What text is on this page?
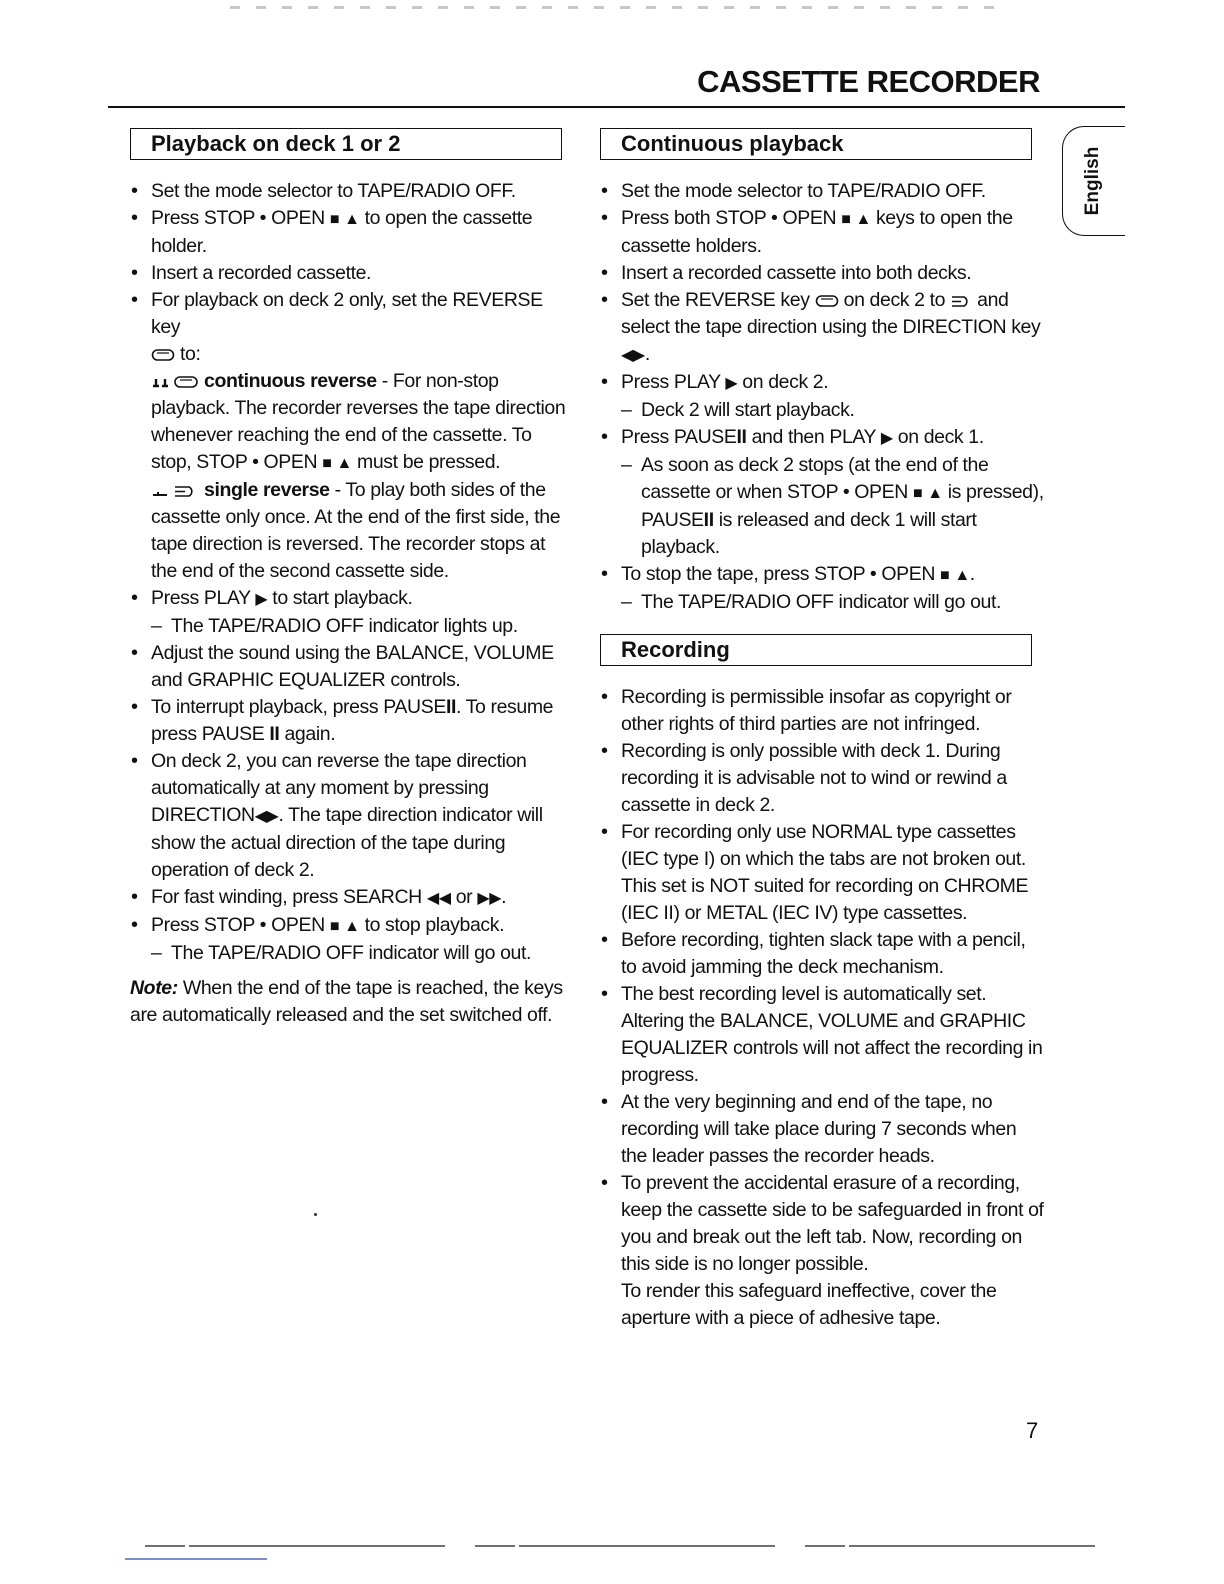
CASSETTE RECORDER
English
Playback on deck 1 or 2
• Set the mode selector to TAPE/RADIO OFF.
• Press STOP • OPEN ■ ▲ to open the cassette holder.
• Insert a recorded cassette.
• For playback on deck 2 only, set the REVERSE key
to:
continuous reverse - For non-stop playback. The recorder reverses the tape direction whenever reaching the end of the cassette. To stop, STOP • OPEN ■ ▲ must be pressed.
single reverse - To play both sides of the cassette only once. At the end of the first side, the tape direction is reversed. The recorder stops at the end of the second cassette side.
• Press PLAY ▶ to start playback.
– The TAPE/RADIO OFF indicator lights up.
• Adjust the sound using the BALANCE, VOLUME and GRAPHIC EQUALIZER controls.
• To interrupt playback, press PAUSEII. To resume press PAUSE II again.
• On deck 2, you can reverse the tape direction automatically at any moment by pressing DIRECTION◀▶. The tape direction indicator will show the actual direction of the tape during operation of deck 2.
• For fast winding, press SEARCH ◀◀ or ▶▶.
• Press STOP • OPEN ■ ▲ to stop playback.
– The TAPE/RADIO OFF indicator will go out.
Note: When the end of the tape is reached, the keys are automatically released and the set switched off.
Continuous playback
• Set the mode selector to TAPE/RADIO OFF.
• Press both STOP • OPEN ■ ▲ keys to open the cassette holders.
• Insert a recorded cassette into both decks.
• Set the REVERSE key on deck 2 to and select the tape direction using the DIRECTION key
◀▶.
• Press PLAY ▶ on deck 2.
– Deck 2 will start playback.
• Press PAUSEII and then PLAY ▶ on deck 1.
– As soon as deck 2 stops (at the end of the cassette or when STOP • OPEN ■ ▲ is pressed), PAUSEII is released and deck 1 will start playback.
• To stop the tape, press STOP • OPEN ■ ▲.
– The TAPE/RADIO OFF indicator will go out.
Recording
• Recording is permissible insofar as copyright or other rights of third parties are not infringed.
• Recording is only possible with deck 1. During recording it is advisable not to wind or rewind a cassette in deck 2.
• For recording only use NORMAL type cassettes (IEC type I) on which the tabs are not broken out.
This set is NOT suited for recording on CHROME (IEC II) or METAL (IEC IV) type cassettes.
• Before recording, tighten slack tape with a pencil, to avoid jamming the deck mechanism.
• The best recording level is automatically set.
Altering the BALANCE, VOLUME and GRAPHIC EQUALIZER controls will not affect the recording in progress.
• At the very beginning and end of the tape, no recording will take place during 7 seconds when the leader passes the recorder heads.
• To prevent the accidental erasure of a recording, keep the cassette side to be safeguarded in front of you and break out the left tab. Now, recording on this side is no longer possible.
To render this safeguard ineffective, cover the aperture with a piece of adhesive tape.
7
